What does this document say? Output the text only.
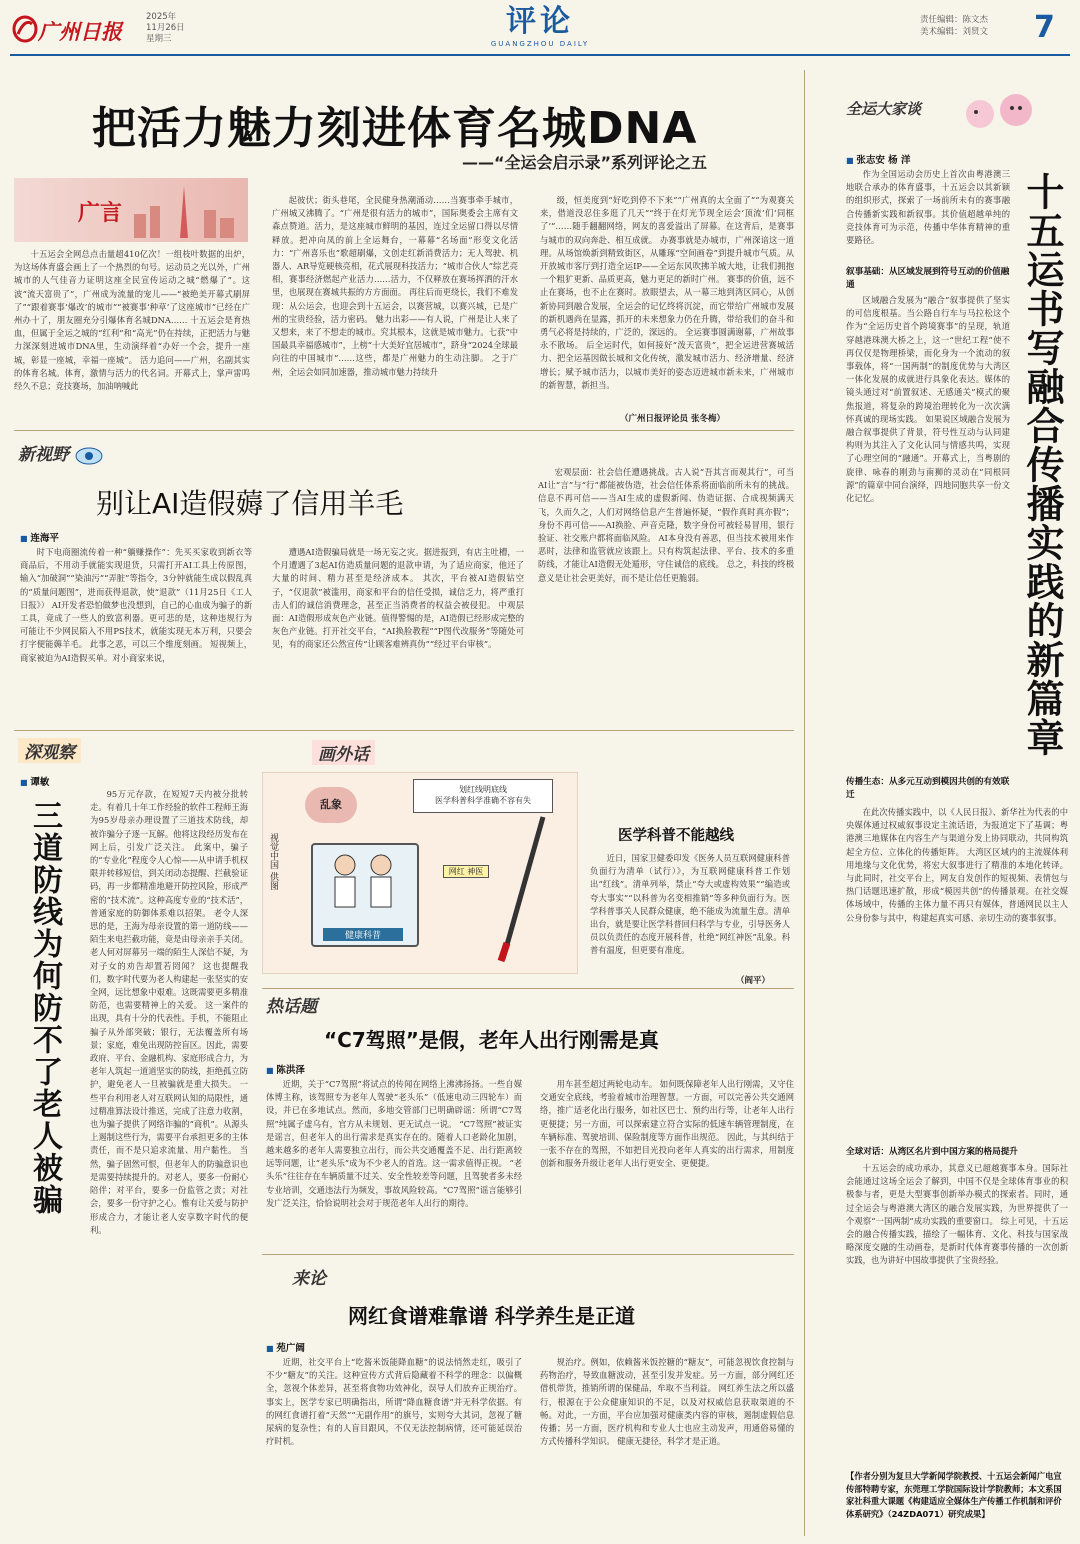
广州日报
2025年
11月26日
星期三	评论
GUANGZHOU DAILY
责任编辑：陈文杰
美术编辑：刘贤文 7
把活力魅力刻进体育名城DNA
——“全运会启示录”系列评论之五
广言

十五运会全网总点击量超410亿次！一组枝叶数据的出炉，为这场体育盛会画上了一个热烈的句号。运动员之光以外，广州城市的人气佳音力证明这座全民宣传运动之城“燃爆了”。这波“流天富贵了”，广州成为流量的宠儿——“被绝美开幕式刷屏了”“跟着赛事‘爆改’的城市”“被赛事‘种草’了这座城市”已经在广州办十了，朋友圈充分引爆体育名城DNA…… 十五运会是育热血，但属于全运之城的“红利”和“高光”仍在持续，正把活力与魅力深深刻进城市DNA里，生动演绎着“办好一个会，提升一座城，彰显一座城，幸福一座城”。 活力追问——广州，名副其实的体育名城。体育，激情与活力的代名词。开幕式上，掌声雷鸣经久不息；竞技赛场，加油呐喊此

起彼伏；街头巷尾，全民健身热潮涌动……当赛事牵手城市，广州城又沸腾了。“广州是很有活力的城市”，国际奥委会主席有文森点赞道。活力，是这座城市鲜明的基因，连过全运留口得以尽情释放。把冲向凤的前上全运舞台，一幕幕“名场面”形变文化活力：“广州喜乐也”歌超刷爆，文创走红新消费活力；无人驾驶、机器人、AR导览硬核亮相，花式展现科技活力；“城市合伙人”综艺亮相，赛事经济燃起产业活力……活力，不仅释放在赛场挥洒的汗水里，也展现在赛城共振的方方面面。 再往后而更绕长，我们不难发现：从公运会，也迎会到十五运会，以赛营城，以赛兴城，已是广州的宝贵经验，活力密码。 魅力出彩——有人说，广州是让人来了又想来，来了不想走的城市。究其根本，这就是城市魅力。七获“中国最具幸福感城市”，上榜“十大美好宜居城市”，跻身“2024全球最向往的中国城市”……这些，都是广州魅力的生动注脚。 之于广州，全运会如同加速器，推动城市魅力持续升

级，恒美度到“好吃到停不下来”“广州真的太全面了”“为观赛关来，借道没忍住多逛了几天”“终于在灯光节现全运会‘顶流’们‘同框了’”……随手翻翻网络，网友的喜爱溢出了屏幕。在这背后，是赛事与城市的双向奔赴、相互成就。 办赛事就是办城市，广州深谙这一道理。从场馆焕新到精致街区，从雕琢“空间画卷”到提升城市气质。从开放城市客厅到打造全运IP——全运东风吹拂羊城大地，让我们拥抱一个粗犷更新、品质更高，魅力更足的新时广州。 赛事的价值，远不止在赛场，也不止在赛时。放眼望去，从一幕三地到湾区同心，从创新协同到融合发展，全运会的记忆终将沉淀，而它带给广州城市发展的新机遇尚在显露，抓开的未来想象力仍在升腾，带给我们的奋斗和勇气必将是持续的，广泛的，深远的。 全运赛事圆满谢幕，广州故事永不散场。 后全运时代，如何接好“泼天富贵”，把全运进营赛城活力、把全运基因做长城和文化传统，激发城市活力、经济增量、经济增长；赋予城市活力，以城市美好的姿态迈进城市新未来，广州城市的新智慧，新担当。

（广州日报评论员 张冬梅）
新视野
别让AI造假薅了信用羊毛
■ 连海平

时下电商圈流传着一种“躺赚操作”：先买买家收到新衣等商品后，不用动手就能实现退货，只需打开AI工具上传原图，输入“加破洞”“染油污”“弄脏”等指令，3分钟就能生成以假乱真的“质量问题图”，进而获得退款，使“退款”（11月25日《工人日报》） AI开发者恐怕做梦也没想到，自己的心血成为骗子的新工具，竟成了一些人的致富利器。更可悲的是，这种违规行为可能让不少网民陷入不用PS技术，就能实现无本万利，只要会打字便能薅羊毛。 此事之恶，可以三个维度刻画。 短视频上，商家被迫为AI造假买单。对小商家来说，

遭遇AI造假骗局就是一场无妄之灾。据进报到，有店主吐槽，一个月遭遇了3起AI仿造质量问题的退款申请，为了适应商家，他还了大量的时间、精力甚至是经济成本。 其次，平台被AI造假钻空子，“仅退款”被滥用，商家和平台的信任受损，诚信乏力，将严重打击人们的诚信消费理念，甚至正当消费者的权益会被侵犯。 中观层面：AI造假形成灰色产业链。值得警惕的是，AI造假已经形成完整的灰色产业链。打开社交平台，“AI换脸教程”“P图代改服务”等随处可见，有的商家还公然宣传“让顾客难辨真伪”“经过平台审核”。

宏观层面：社会信任遭遇挑战。古人说“吾其言而观其行”，可当AI让“言”与“行”都能被伪造，社会信任体系将面临前所未有的挑战。信息不再可信——当AI生成的虚假新闻、伪造证据、合成视频满天飞，久而久之，人们对网络信息产生普遍怀疑，“假作真时真亦假”；身份不再可信——AI换脸、声音克隆，数字身份可被轻易冒用，银行验证、社交账户都将面临风险。 AI本身没有善恶，但当技术被用来作恶时，法律和监管就应该跟上。只有构筑起法律、平台、技术的多重防线，才能让AI造假无处遁形，守住诚信的底线。 总之，科技的终极意义是让社会更美好，而不是让信任更脆弱。

深观察
■ 谭敏
三道防线为何防不了老人被骗

95万元存款，在短短7天内被分批转走。有着几十年工作经验的软件工程师王海为95岁母亲办理设置了三道技术防线，却被诈骗分子逐一瓦解。他将这段经历发布在网上后，引发广泛关注。 此案中，骗子的“专业化”程度令人心惊——从申请手机权限并转移短信，到关闭动态提醒、拦截验证码，再一步都精准地避开防控风险，形成严密的“技术流”。这种高度专业的“技术活”，普通家庭的防御体系难以招架。 老令人深思的是，王海为母亲设置的第一道防线——陌生来电拦截功能，竟是由母亲亲手关闭。老人何对屏幕另一端的陌生人深信不疑，为对子女的劝告却置若罔闻？ 这也提醒我们，数字时代要为老人构建起一张坚实的安全网，远比想象中艰难。这既需要更多精准防范，也需要精神上的关爱。 这一案件的出现，具有十分的代表性。手机，不能阻止骗子从外部突破；银行，无法覆盖所有场景；家庭，难免出现防控盲区。因此，需要政府、平台、金融机构、家庭形成合力，为老年人筑起一道道坚实的防线，拒绝孤立防护，避免老人一旦被骗就是重大损失。 一些平台利用老人对互联网认知的局限性，通过精准算法设计推送，完成了注意力收割，也为骗子提供了网络诈骗的“商机”。从源头上遏制这些行为，需要平台承担更多的主体责任，而不是只追求流量、用户黏性。 当然，骗子固然可恨，但老年人的防骗意识也是需要持续提升的。对老人，要多一份耐心陪伴；对平台，要多一份监管之责；对社会，要多一份守护之心。惟有让关爱与防护形成合力，才能让老人安享数字时代的便利。

画外话
视觉中国 供图
乱象
划红线明底线
医学科普科学准确不容有失
健康科普
网红 神医
医学科普不能越线

近日，国家卫健委印发《医务人员互联网健康科普负面行为清单（试行）》，为互联网健康科普工作划出“红线”。清单列举，禁止“夸大或虚构效果”“编造或夸大事实”“以科普为名变相推销”等多种负面行为。医学科普事关人民群众健康，绝不能成为流量生意。清单出台，就是要让医学科普回归科学与专业，引导医务人员以负责任的态度开展科普，杜绝“网红神医”乱象。科普有温度，但更要有准度。

（阎平）
热话题
“C7驾照”是假，老年人出行刚需是真
■ 陈洪泽

近期，关于“C7驾照”将试点的传闻在网络上沸沸扬扬。一些自媒体博主称，该驾照专为老年人驾驶“老头乐”（低速电动三四轮车）而设，并已在多地试点。然而，多地交管部门已明确辟谣：所谓“C7驾照”纯属子虚乌有，官方从未规划、更无试点一说。 “C7驾照”被证实是谣言，但老年人的出行需求是真实存在的。随着人口老龄化加剧，越来越多的老年人需要独立出行，而公共交通覆盖不足、出行距离较远等问题，让“老头乐”成为不少老人的首选。这一需求值得正视。 “老头乐”往往存在车辆质量不过关、安全性较差等问题，且驾驶者多未经专业培训，交通违法行为频发，事故风险较高。“C7驾照”谣言能够引发广泛关注，恰恰说明社会对于规范老年人出行的期待。

用车甚至超过两轮电动车。 如何既保障老年人出行刚需，又守住交通安全底线，考验着城市治理智慧。一方面，可以完善公共交通网络，推广适老化出行服务，如社区巴士、预约出行等，让老年人出行更便捷；另一方面，可以探索建立符合实际的低速车辆管理制度，在车辆标准、驾驶培训、保险制度等方面作出规范。 因此，与其纠结于一张不存在的驾照，不如把目光投向老年人真实的出行需求，用制度创新和服务升级让老年人出行更安全、更便捷。

来论
网红食谱难靠谱 科学养生是正道
■ 苑广阔

近期，社交平台上“吃酱米饭能降血糖”的说法悄然走红，吸引了不少“糖友”的关注。这种宣传方式背后隐藏着不科学的理念：以偏概全，忽视个体差异，甚至将食物功效神化，误导人们放弃正规治疗。 事实上，医学专家已明确指出，所谓“降血糖食谱”并无科学依据。有的网红食谱打着“天然”“无副作用”的旗号，实则夸大其词，忽视了糖尿病的复杂性；有的人盲目跟风，不仅无法控制病情，还可能延误治疗时机。

规治疗。例如，依赖酱米饭控糖的“糖友”，可能忽视饮食控制与药物治疗，导致血糖波动，甚至引发并发症。另一方面，部分网红还借机带货，推销所谓的保健品，牟取不当利益。 网红养生法之所以盛行，根源在于公众健康知识的不足，以及对权威信息获取渠道的不畅。对此，一方面，平台应加强对健康类内容的审核，遏制虚假信息传播；另一方面，医疗机构和专业人士也应主动发声，用通俗易懂的方式传播科学知识。 健康无捷径，科学才是正道。

全运大家谈
■ 张志安 杨 洋
十五运书写融合传播实践的新篇章

作为全国运动会历史上首次由粤港澳三地联合承办的体育盛事，十五运会以其新颖的组织形式，探索了一场前所未有的赛事融合传播新实践和新叙事。其价值超越单纯的竞技体育可为示范，传播中华体育精神的重要路径。

叙事基础：从区域发展到符号互动的价值融通

区域融合发展为“融合”叙事提供了坚实的可信度根基。当公路自行车与马拉松这个作为“全运历史首个跨境赛事”的呈现，轨道穿越港珠澳大桥之上，这一“世纪工程”使不再仅仅是物理桥梁，而化身为一个流动的叙事载体，将“一国两制”的制度优势与大湾区一体化发展的成就进行具象化表达。媒体的镜头通过对“前置叙述、无感通关”模式的聚焦报道，将复杂的跨境治理转化为一次次满怀真诚的现场实践。 如果说区域融合发展为融合叙事提供了背景，符号性互动与认同建构则为其注入了文化认同与情感共鸣，实现了心理空间的“融通”。开幕式上，当粤剧的旋律、咏春的刚劲与南狮的灵动在“同根同源”的篇章中同台演绎，四地同胞共享一份文化记忆。

传播生态：从多元互动到模因共创的有效联迁

在此次传播实践中，以《人民日报》、新华社为代表的中央媒体通过权威叙事设定主流话语，为报道定下了基调；粤港澳三地媒体在内容生产与渠道分发上协同联动，共同构筑起全方位、立体化的传播矩阵。 大湾区区域内的主流媒体利用地缘与文化优势，将宏大叙事进行了精准的本地化转译。与此同时，社交平台上，网友自发创作的短视频、表情包与热门话题迅速扩散，形成“模因共创”的传播景观。在社交媒体场域中，传播的主体力量不再只有媒体，普通网民以主人公身份参与其中，构建起真实可感、亲切生动的赛事叙事。

全球对话：从湾区名片到中国方案的格局提升

十五运会的成功承办，其意义已超越赛事本身。国际社会能通过这场全运会了解到，中国不仅是全球体育事业的积极参与者，更是大型赛事创新举办模式的探索者。同时，通过全运会与粤港澳大湾区的融合发展实践，为世界提供了一个观察“一国两制”成功实践的重要窗口。 综上可见，十五运会的融合传播实践，描绘了一幅体育、文化、科技与国家战略深度交融的生动画卷，是新时代体育赛事传播的一次创新实践，也为讲好中国故事提供了宝贵经验。

【作者分别为复旦大学新闻学院教授、十五运会新闻广电宣传部特聘专家，东莞理工学院国际设计学院教师；本文系国家社科重大课题《构建适应全媒体生产传播工作机制和评价体系研究》（24ZDA071）研究成果】
